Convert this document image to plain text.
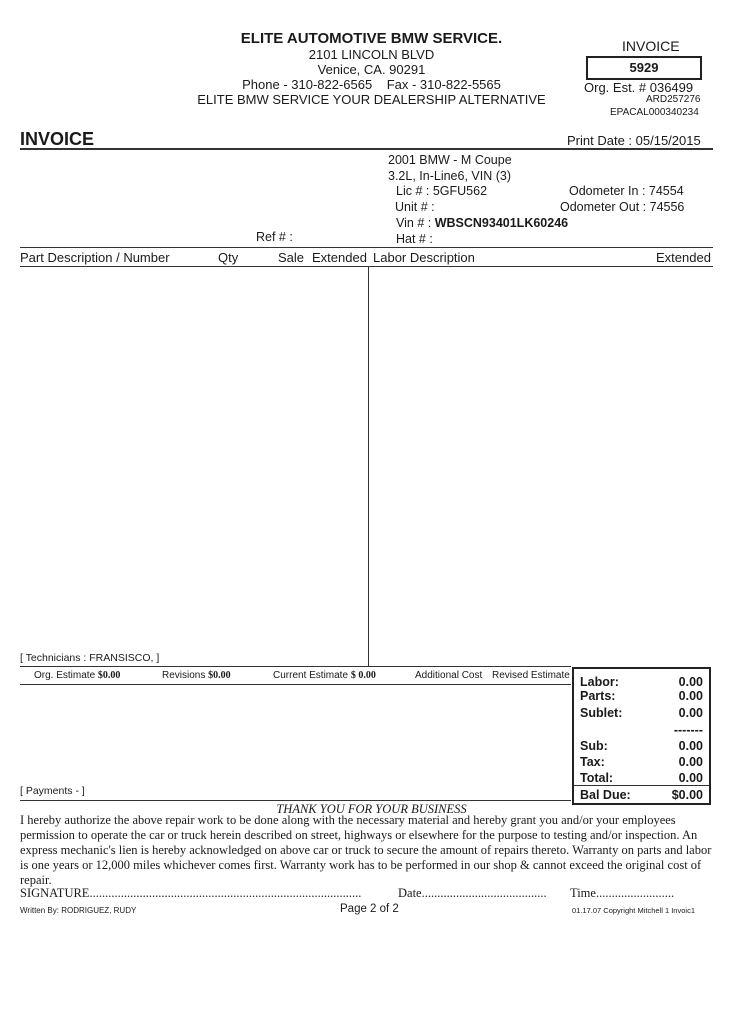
ELITE AUTOMOTIVE BMW SERVICE.
2101 LINCOLN BLVD
Venice, CA. 90291
Phone - 310-822-6565 Fax - 310-822-5565
ELITE BMW SERVICE YOUR DEALERSHIP ALTERNATIVE
INVOICE
5929
Org. Est. # 036499
ARD257276
EPACAL000340234
INVOICE	Print Date : 05/15/2015
2001 BMW - M Coupe
3.2L, In-Line6, VIN (3)
Lic # : 5GFU562
Unit # :
Vin # : WBSCN93401LK60246
Hat # :
Ref # :
Odometer In : 74554
Odometer Out : 74556
Part Description / Number	Qty	Sale Extended Labor Description	Extended
[ Technicians : FRANSISCO, ]
Org. Estimate $0.00	Revisions $0.00	Current Estimate $ 0.00	Additional Cost Revised Estimate
[ Payments - ]
Labor:	0.00
Parts:	0.00
Sublet:	0.00
-------
Sub:	0.00
Tax:	0.00
Total:	0.00
Bal Due:	$0.00
THANK YOU FOR YOUR BUSINESS
I hereby authorize the above repair work to be done along with the necessary material and hereby grant you and/or your employees permission to operate the car or truck herein described on street, highways or elsewhere for the purpose to testing and/or inspection. An express mechanic's lien is hereby acknowledged on above car or truck to secure the amount of repairs thereto. Warranty on parts and labor is one years or 12,000 miles whichever comes first. Warranty work has to be performed in our shop & cannot exceed the original cost of repair.
SIGNATURE.......................................................................................	Date........................................ Time.........................
Written By: RODRIGUEZ, RUDY	Page 2 of 2	01.17.07 Copyright Mitchell 1 Invoic1
